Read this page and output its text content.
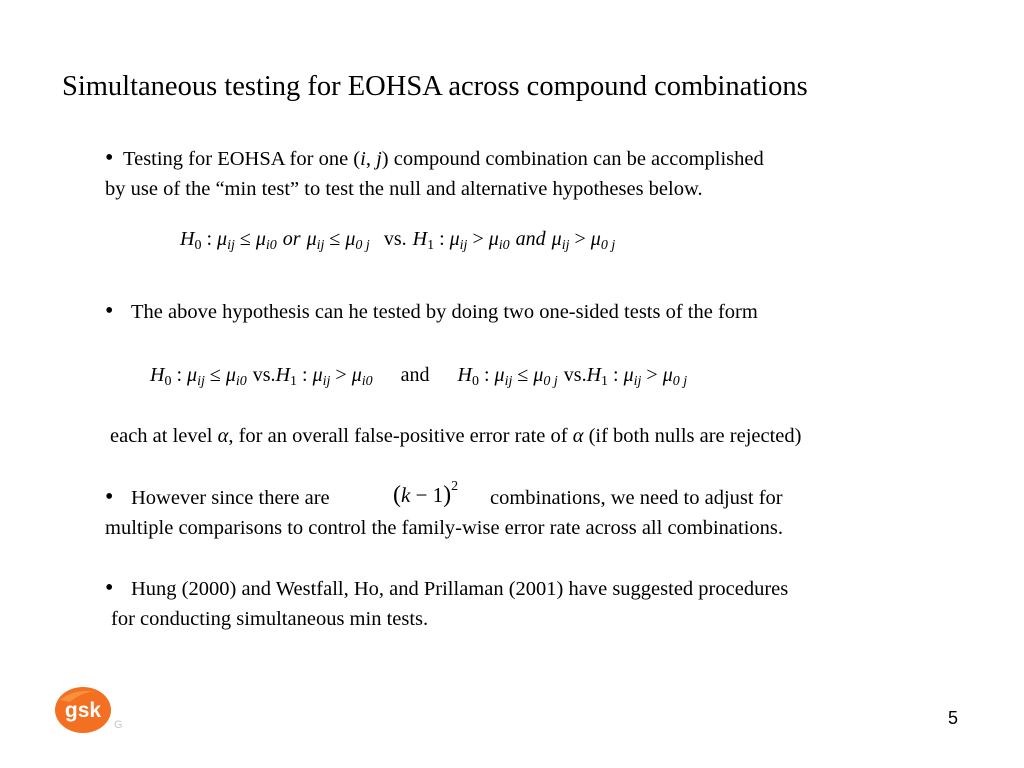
Simultaneous testing for EOHSA across compound combinations
• Testing for EOHSA for one (i, j) compound combination can be accomplished
by use of the “min test” to test the null and alternative hypotheses below.
$H_0$ : $\mu_{ij} \le \mu_{i0}$ or $\mu_{ij} \le \mu_{0 j}$ vs. $H_1$ : $\mu_{ij} > \mu_{i0}$ and $\mu_{ij} > \mu_{0 j}$
• The above hypothesis can he tested by doing two one-sided tests of the form
$H_0$ : $\mu_{ij} \le \mu_{i0}$ $vs.H_1$ : $\mu_{ij} > \mu_{i0}$ and $H_0$ : $\mu_{ij} \le \mu_{0 j}$ $vs.H_1$ : $\mu_{ij} > \mu_{0 j}$
each at level α, for an overall false-positive error rate of α (if both nulls are rejected)
• However since there are	$(k - 1)^2$
combinations, we need to adjust for
multiple comparisons to control the family-wise error rate across all combinations.
• Hung (2000) and Westfall, Ho, and Prillaman (2001) have suggested procedures
for conducting simultaneous min tests.
gsk
G	5
